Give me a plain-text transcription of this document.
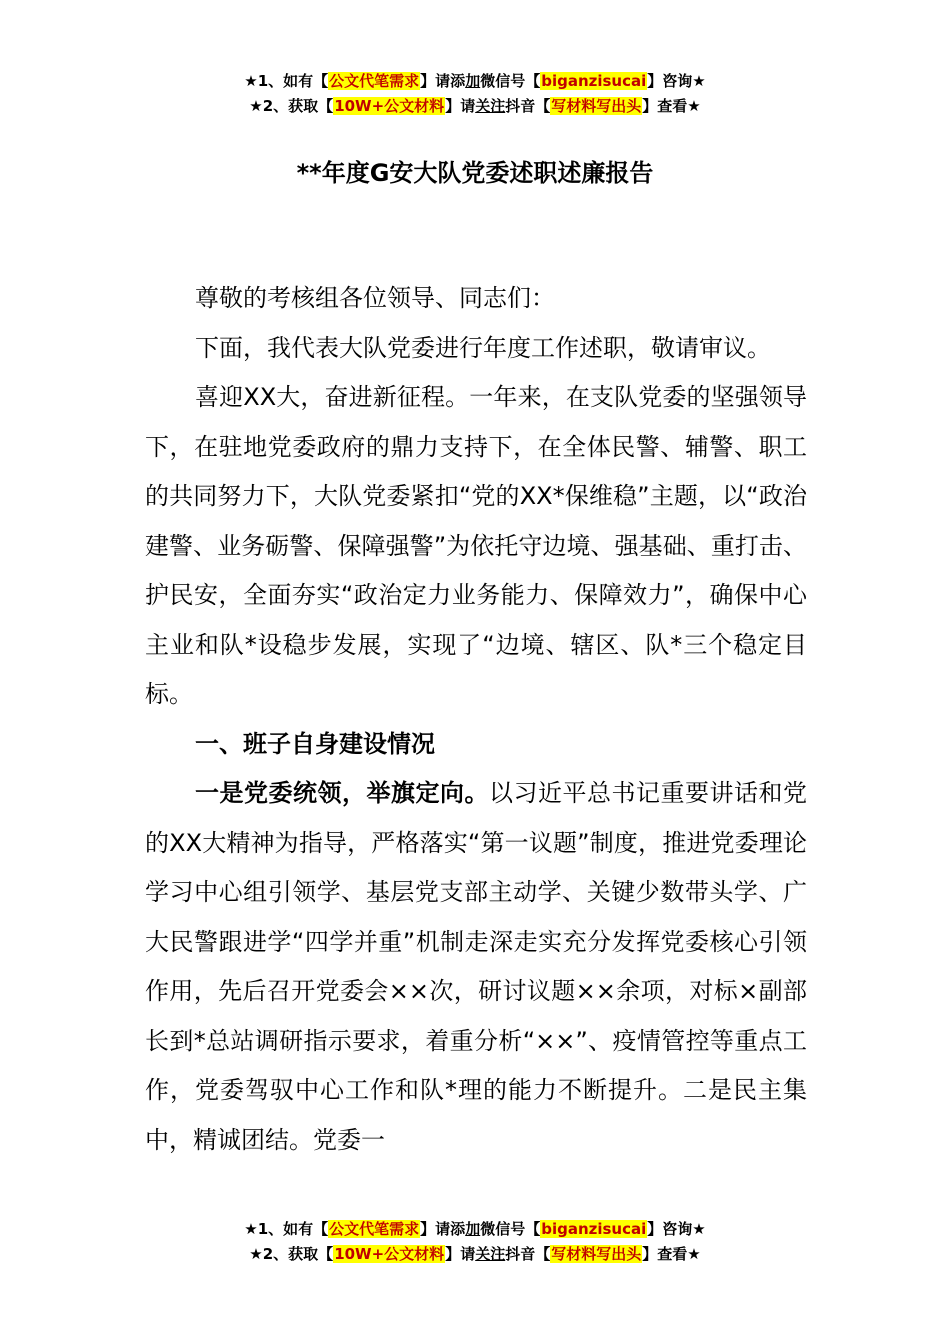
★1、如有【公文代笔需求】请添加微信号【biganzisucai】咨询★
★2、获取【10W+公文材料】请关注抖音【写材料写出头】查看★
**年度G安大队党委述职述廉报告

尊敬的考核组各位领导、同志们：

下面，我代表大队党委进行年度工作述职，敬请审议。

喜迎XX大，奋进新征程。一年来，在支队党委的坚强领导下，在驻地党委政府的鼎力支持下，在全体民警、辅警、职工的共同努力下，大队党委紧扣“党的XX*保维稳”主题，以“政治建警、业务砺警、保障强警”为依托守边境、强基础、重打击、护民安，全面夯实“政治定力业务能力、保障效力”，确保中心主业和队*设稳步发展，实现了“边境、辖区、队*三个稳定目标。

一、班子自身建设情况

一是党委统领，举旗定向。以习近平总书记重要讲话和党的XX大精神为指导，严格落实“第一议题”制度，推进党委理论学习中心组引领学、基层党支部主动学、关键少数带头学、广大民警跟进学“四学并重”机制走深走实充分发挥党委核心引领作用，先后召开党委会××次，研讨议题××余项，对标×副部长到*总站调研指示要求，着重分析“××”、疫情管控等重点工作，党委驾驭中心工作和队*理的能力不断提升。二是民主集中，精诚团结。党委一

★1、如有【公文代笔需求】请添加微信号【biganzisucai】咨询★
★2、获取【10W+公文材料】请关注抖音【写材料写出头】查看★
